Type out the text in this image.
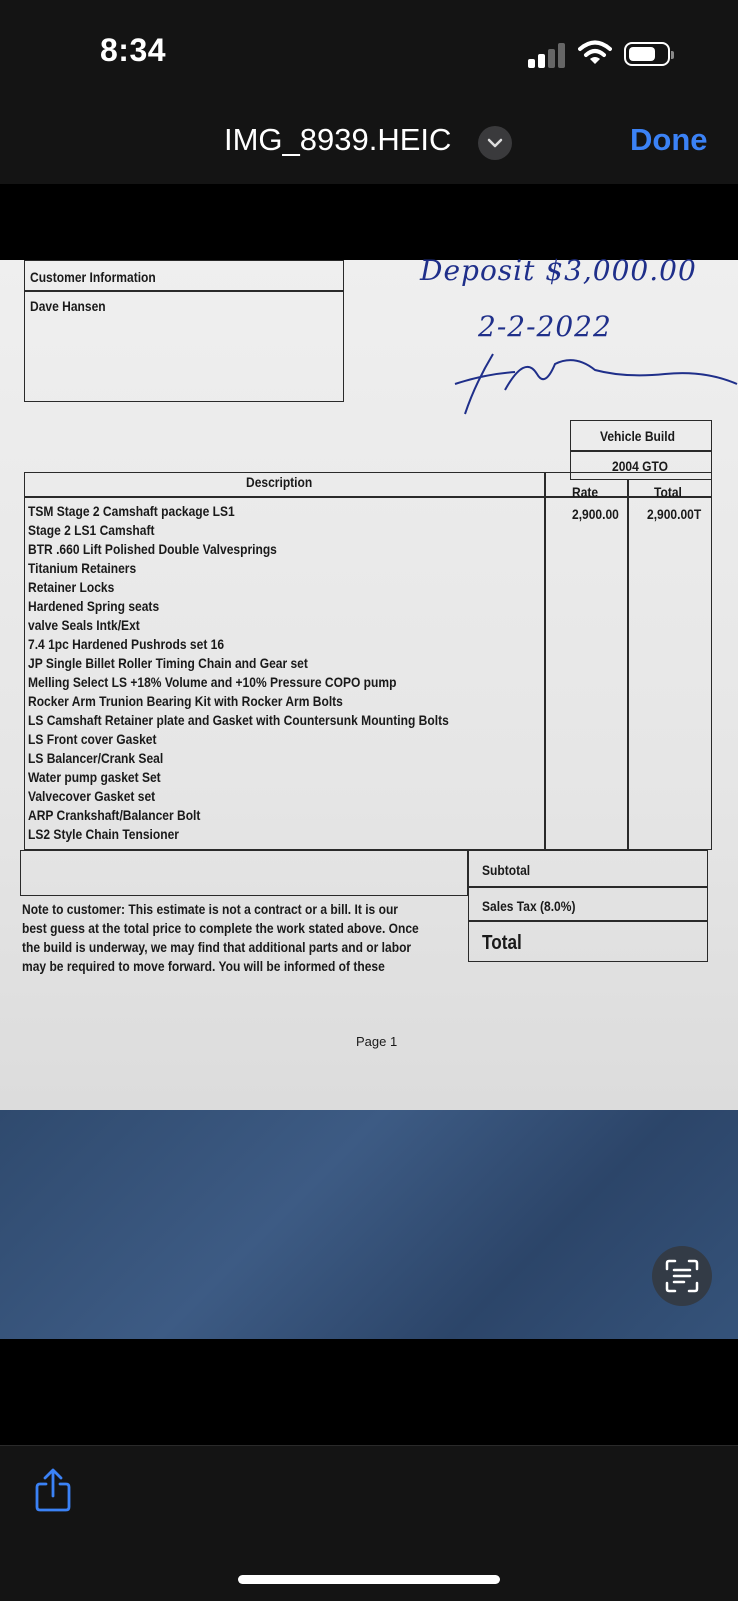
8:34
IMG_8939.HEIC	Done
Customer Information
Dave Hansen
Deposit $3,000.00
2-2-2022
Vehicle Build
2004 GTO
Description
Rate	Total
2,900.00 2,900.00T
TSM Stage 2 Camshaft package LS1
Stage 2 LS1 Camshaft
BTR .660 Lift Polished Double Valvesprings
Titanium Retainers
Retainer Locks
Hardened Spring seats
valve Seals Intk/Ext
7.4 1pc Hardened Pushrods set 16
JP Single Billet Roller Timing Chain and Gear set
Melling Select LS +18% Volume and +10% Pressure COPO pump
Rocker Arm Trunion Bearing Kit with Rocker Arm Bolts
LS Camshaft Retainer plate and Gasket with Countersunk Mounting Bolts
LS Front cover Gasket
LS Balancer/Crank Seal
Water pump gasket Set
Valvecover Gasket set
ARP Crankshaft/Balancer Bolt
LS2 Style Chain Tensioner
Subtotal
Sales Tax (8.0%)
Total
Note to customer: This estimate is not a contract or a bill. It is our
best guess at the total price to complete the work stated above. Once
the build is underway, we may find that additional parts and or labor
may be required to move forward. You will be informed of these
Page 1
